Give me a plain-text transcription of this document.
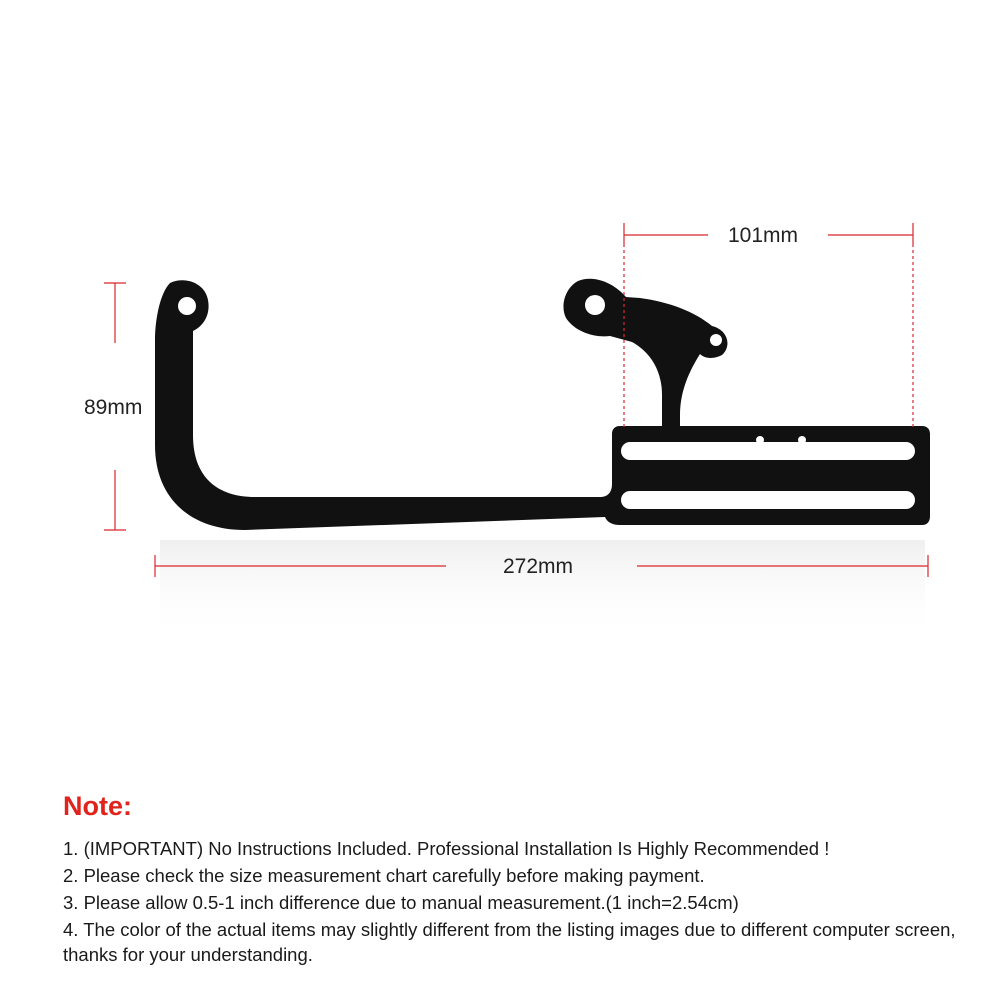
101mm
89mm
272mm
Note:
1. (IMPORTANT) No Instructions Included. Professional Installation Is Highly Recommended !
2. Please check the size measurement chart carefully before making payment.
3. Please allow 0.5-1 inch difference due to manual measurement.(1 inch=2.54cm)
4. The color of the actual items may slightly different from the listing images due to different computer screen, thanks for your understanding.
